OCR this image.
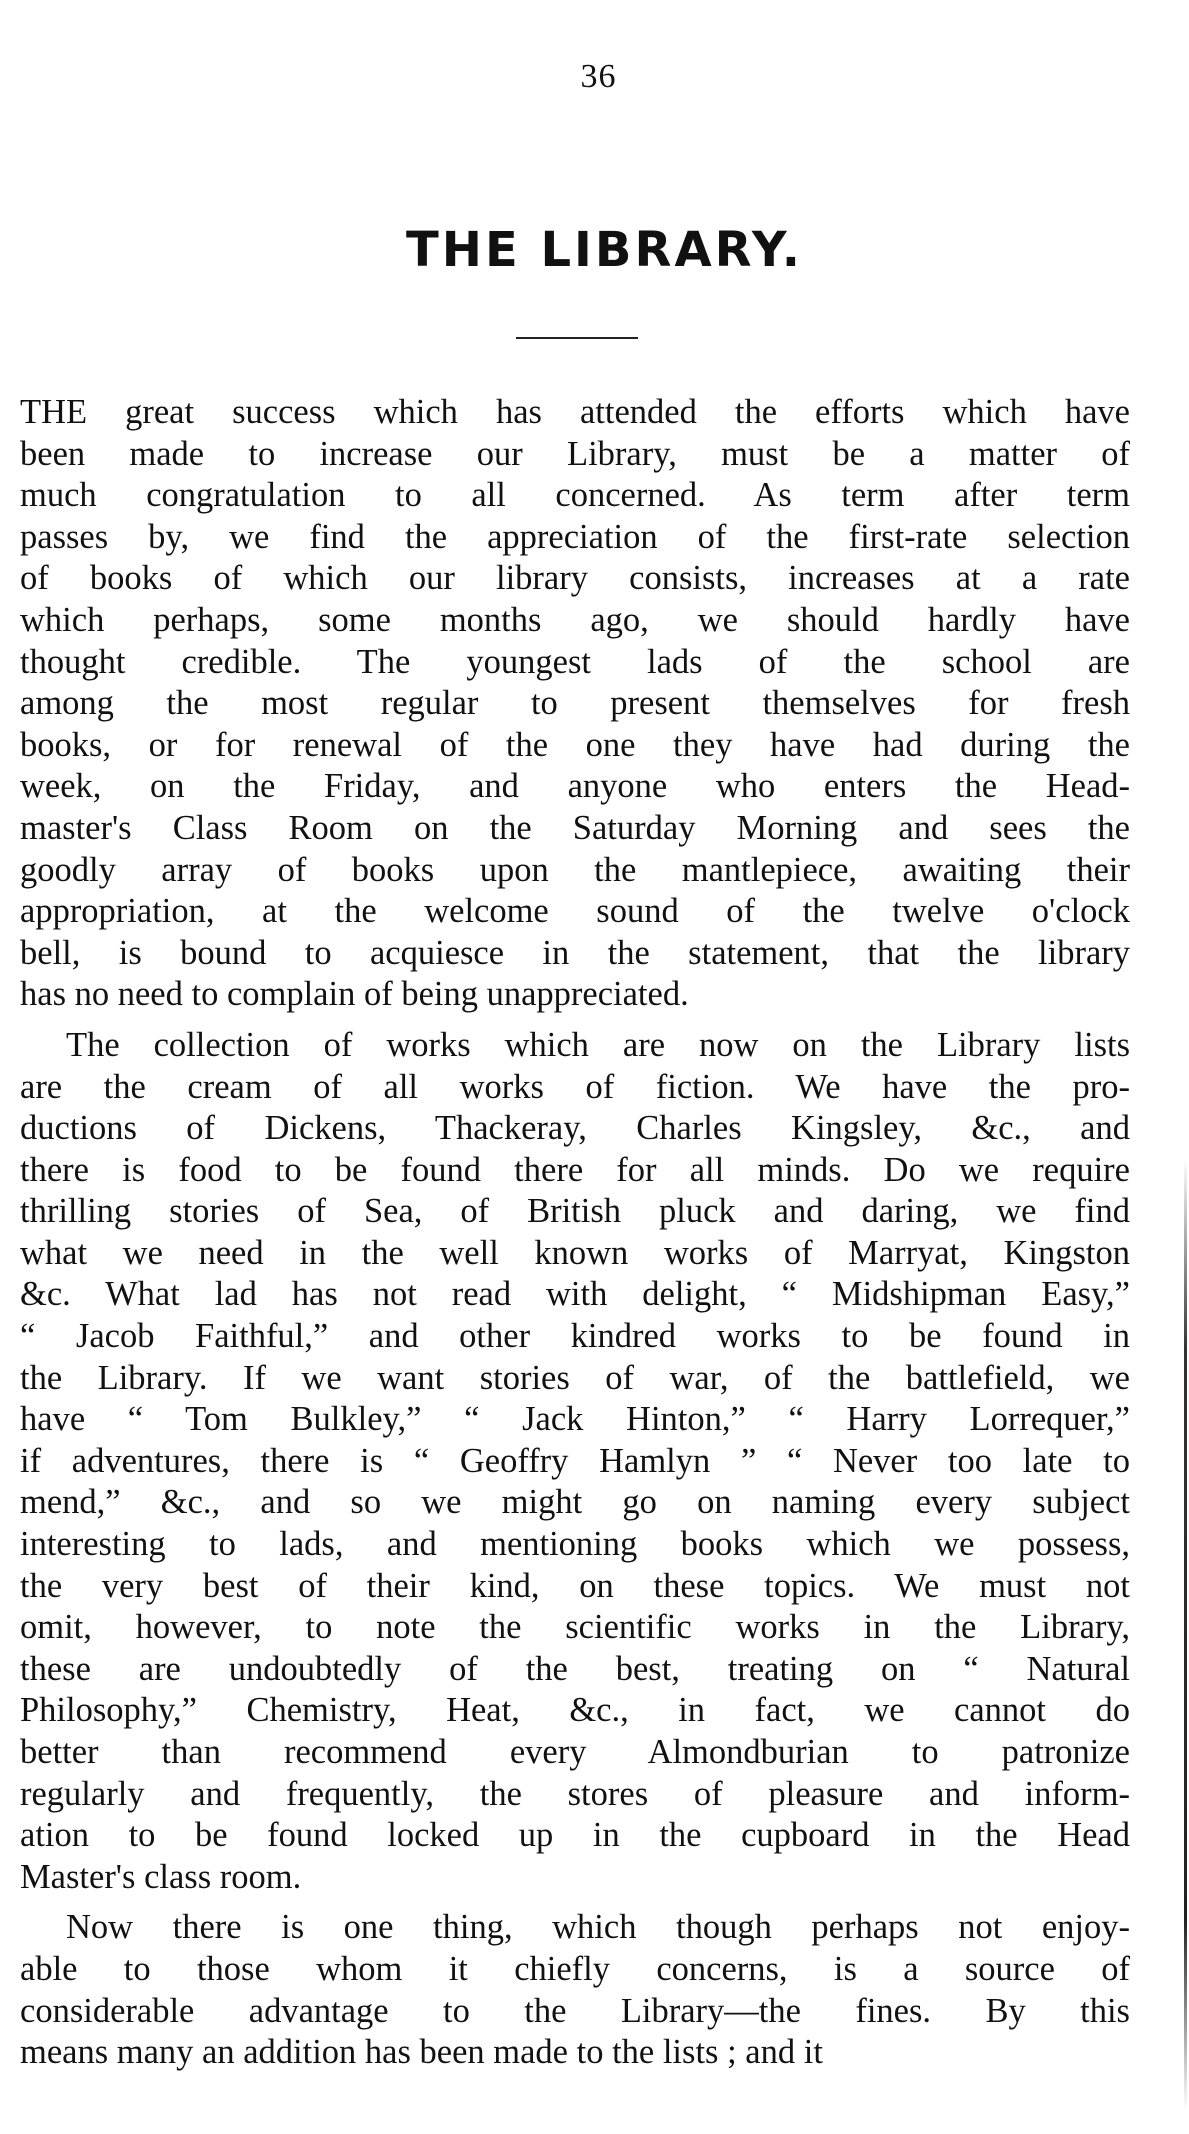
36
THE LIBRARY.
THE great success which has attended the efforts which have
been made to increase our Library, must be a matter of
much congratulation to all concerned. As term after term
passes by, we find the appreciation of the first-rate selection
of books of which our library consists, increases at a rate
which perhaps, some months ago, we should hardly have
thought credible. The youngest lads of the school are
among the most regular to present themselves for fresh
books, or for renewal of the one they have had during the
week, on the Friday, and anyone who enters the Head-
master's Class Room on the Saturday Morning and sees the
goodly array of books upon the mantlepiece, awaiting their
appropriation, at the welcome sound of the twelve o'clock
bell, is bound to acquiesce in the statement, that the library
has no need to complain of being unappreciated.
The collection of works which are now on the Library lists
are the cream of all works of fiction. We have the pro-
ductions of Dickens, Thackeray, Charles Kingsley, &c., and
there is food to be found there for all minds. Do we require
thrilling stories of Sea, of British pluck and daring, we find
what we need in the well known works of Marryat, Kingston
&c. What lad has not read with delight, “ Midshipman Easy,”
“ Jacob Faithful,” and other kindred works to be found in
the Library. If we want stories of war, of the battlefield, we
have “ Tom Bulkley,” “ Jack Hinton,” “ Harry Lorrequer,”
if adventures, there is “ Geoffry Hamlyn ” “ Never too late to
mend,” &c., and so we might go on naming every subject
interesting to lads, and mentioning books which we possess,
the very best of their kind, on these topics. We must not
omit, however, to note the scientific works in the Library,
these are undoubtedly of the best, treating on “ Natural
Philosophy,” Chemistry, Heat, &c., in fact, we cannot do
better than recommend every Almondburian to patronize
regularly and frequently, the stores of pleasure and inform-
ation to be found locked up in the cupboard in the Head
Master's class room.
Now there is one thing, which though perhaps not enjoy-
able to those whom it chiefly concerns, is a source of
considerable advantage to the Library—the fines. By this
means many an addition has been made to the lists ; and it
